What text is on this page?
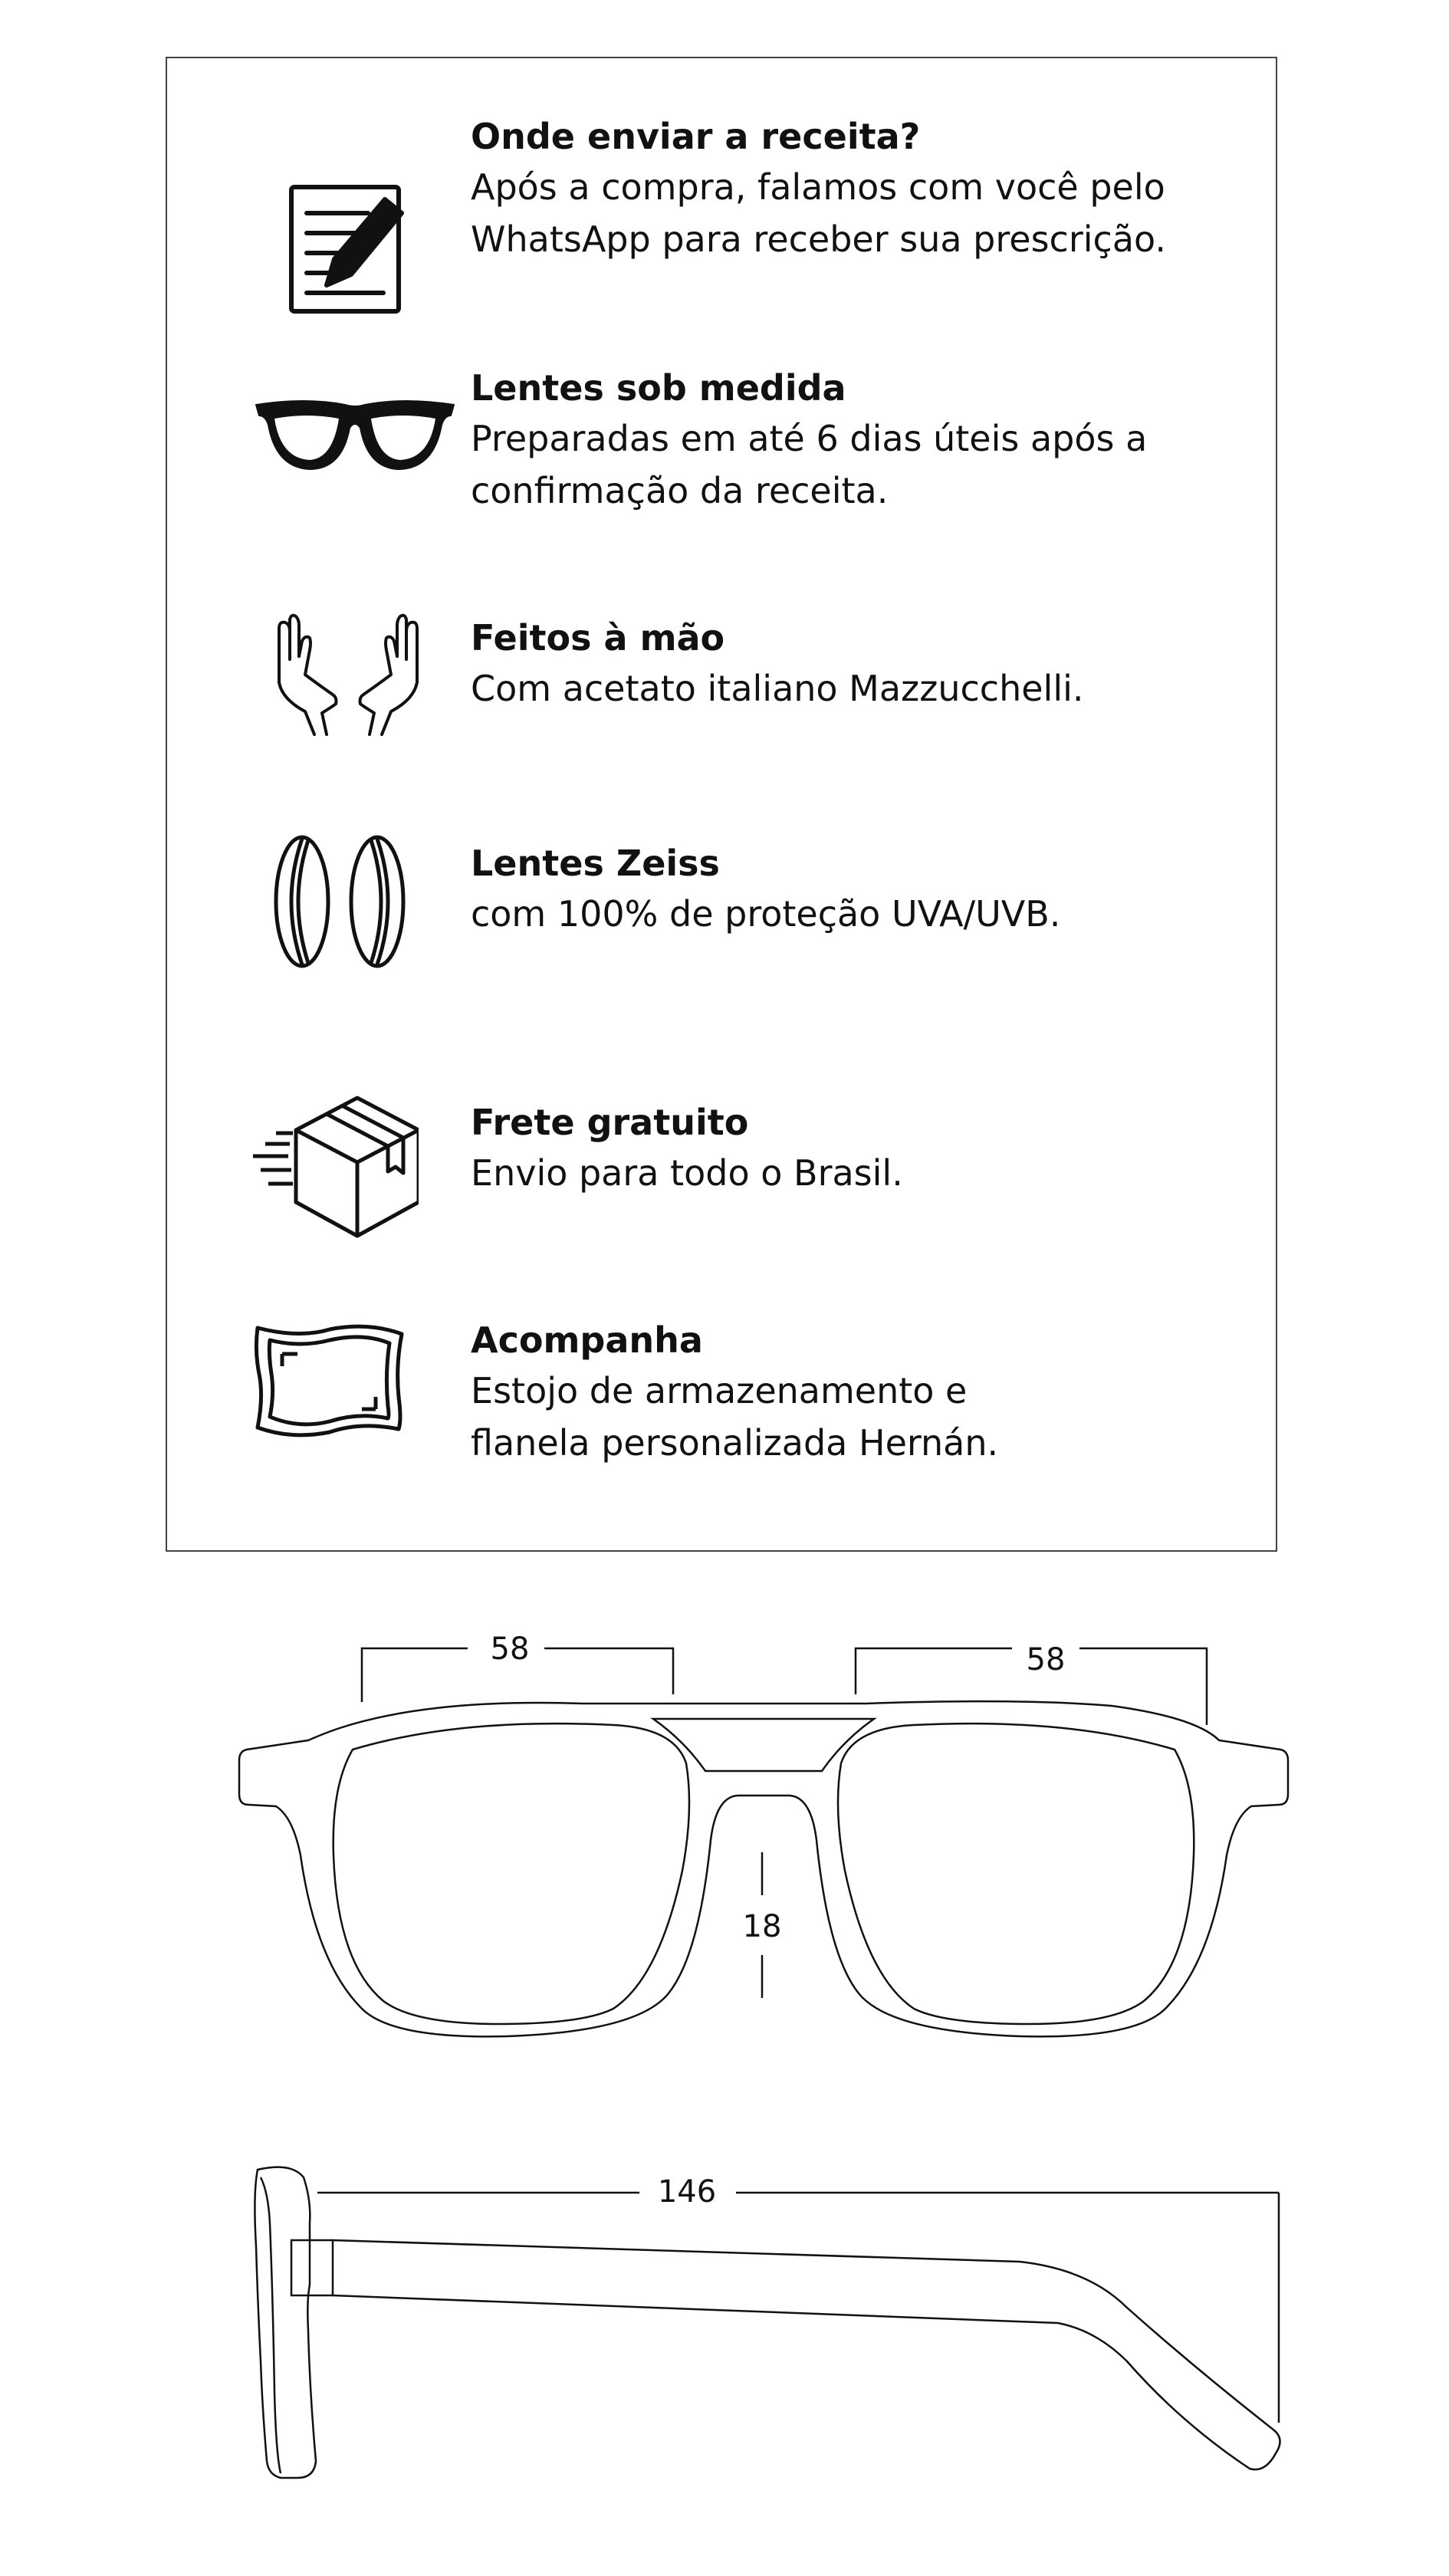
Onde enviar a receita?

Após a compra, falamos com você pelo

WhatsApp para receber sua prescrição.

Lentes sob medida

Preparadas em até 6 dias úteis após a

confirmação da receita.

Feitos à mão

Com acetato italiano Mazzucchelli.

Lentes Zeiss

com 100% de proteção UVA/UVB.

Frete gratuito

Envio para todo o Brasil.

Acompanha

Estojo de armazenamento e

flanela personalizada Hernán.

58	58
18
146
